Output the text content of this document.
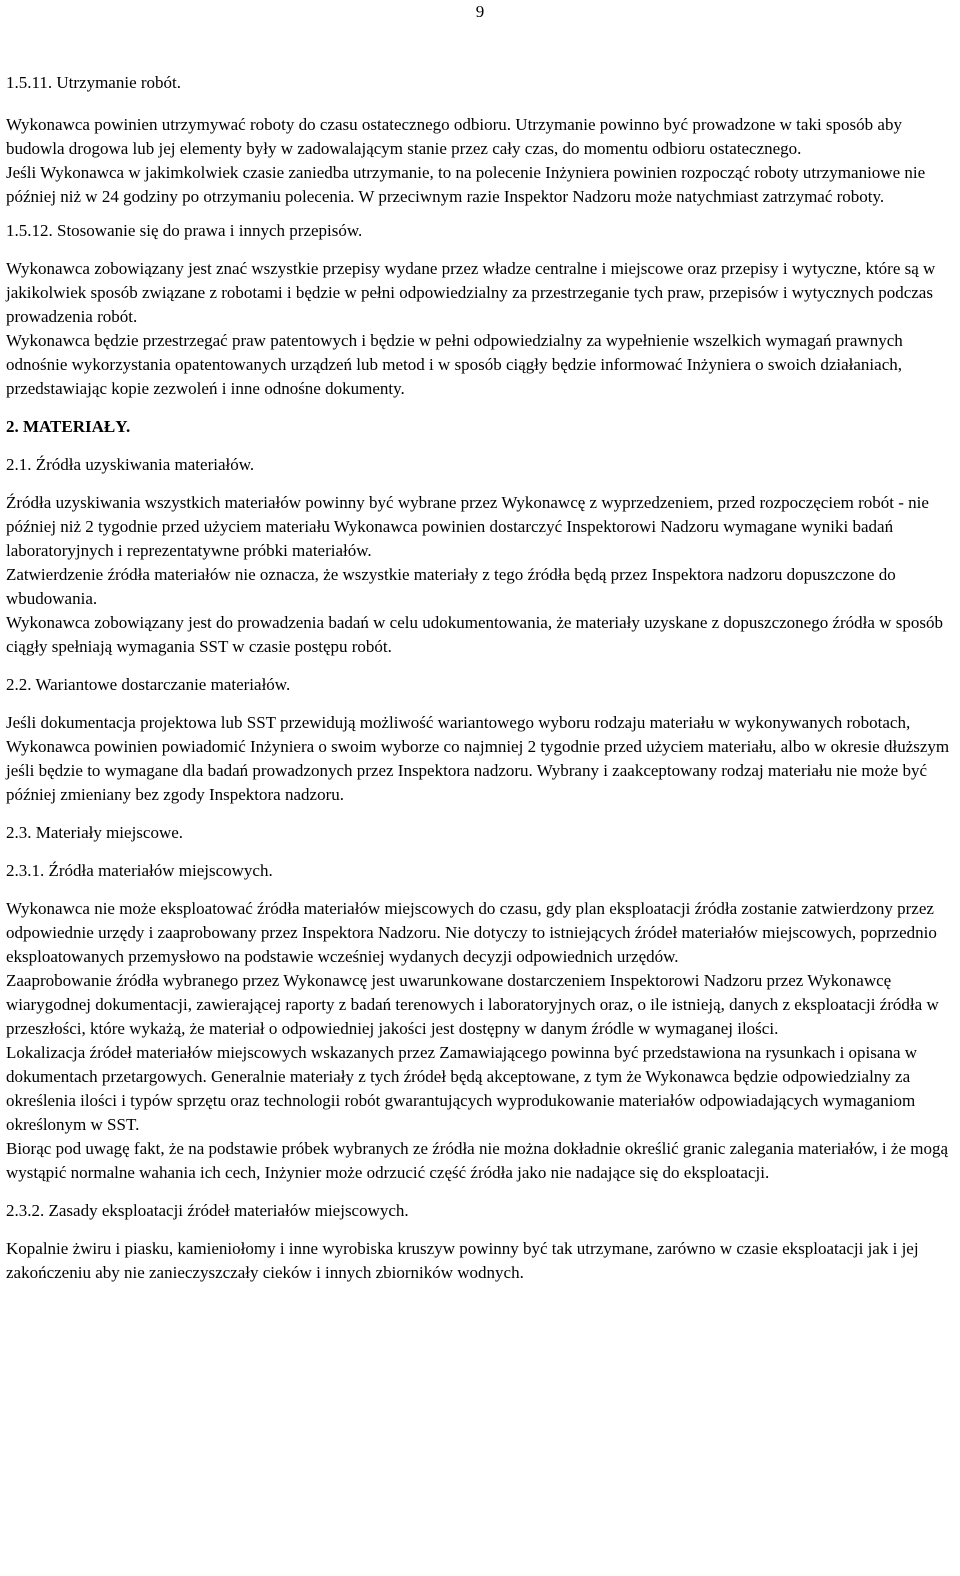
9

1.5.11. Utrzymanie robót.

Wykonawca powinien utrzymywać roboty do czasu ostatecznego odbioru. Utrzymanie powinno być prowadzone w taki sposób aby budowla drogowa lub jej elementy były w zadowalającym stanie przez cały czas, do momentu odbioru ostatecznego.

Jeśli Wykonawca w jakimkolwiek czasie zaniedba utrzymanie, to na polecenie Inżyniera powinien rozpocząć roboty utrzymaniowe nie później niż w 24 godziny po otrzymaniu polecenia. W przeciwnym razie Inspektor Nadzoru może natychmiast zatrzymać roboty.

1.5.12. Stosowanie się do prawa i innych przepisów.

Wykonawca zobowiązany jest znać wszystkie przepisy wydane przez władze centralne i miejscowe oraz przepisy i wytyczne, które są w jakikolwiek sposób związane z robotami i będzie w pełni odpowiedzialny za przestrzeganie tych praw, przepisów i wytycznych podczas prowadzenia robót.

Wykonawca będzie przestrzegać praw patentowych i będzie w pełni odpowiedzialny za wypełnienie wszelkich wymagań prawnych odnośnie wykorzystania opatentowanych urządzeń lub metod i w sposób ciągły będzie informować Inżyniera o swoich działaniach, przedstawiając kopie zezwoleń i inne odnośne dokumenty.

2. MATERIAŁY.

2.1. Źródła uzyskiwania materiałów.

Źródła uzyskiwania wszystkich materiałów powinny być wybrane przez Wykonawcę z wyprzedzeniem, przed rozpoczęciem robót - nie później niż 2 tygodnie przed użyciem materiału Wykonawca powinien dostarczyć Inspektorowi Nadzoru wymagane wyniki badań laboratoryjnych i reprezentatywne próbki materiałów.

Zatwierdzenie źródła materiałów nie oznacza, że wszystkie materiały z tego źródła będą przez Inspektora nadzoru dopuszczone do wbudowania.

Wykonawca zobowiązany jest do prowadzenia badań w celu udokumentowania, że materiały uzyskane z dopuszczonego źródła w sposób ciągły spełniają wymagania SST w czasie postępu robót.

2.2. Wariantowe dostarczanie materiałów.

Jeśli dokumentacja projektowa lub SST przewidują możliwość wariantowego wyboru rodzaju materiału w wykonywanych robotach, Wykonawca powinien powiadomić Inżyniera o swoim wyborze co najmniej 2 tygodnie przed użyciem materiału, albo w okresie dłuższym jeśli będzie to wymagane dla badań prowadzonych przez Inspektora nadzoru. Wybrany i zaakceptowany rodzaj materiału nie może być później zmieniany bez zgody Inspektora nadzoru.

2.3. Materiały miejscowe.

2.3.1. Źródła materiałów miejscowych.

Wykonawca nie może eksploatować źródła materiałów miejscowych do czasu, gdy plan eksploatacji źródła zostanie zatwierdzony przez odpowiednie urzędy i zaaprobowany przez Inspektora Nadzoru. Nie dotyczy to istniejących źródeł materiałów miejscowych, poprzednio eksploatowanych przemysłowo na podstawie wcześniej wydanych decyzji odpowiednich urzędów.

Zaaprobowanie źródła wybranego przez Wykonawcę jest uwarunkowane dostarczeniem Inspektorowi Nadzoru przez Wykonawcę wiarygodnej dokumentacji, zawierającej raporty z badań terenowych i laboratoryjnych oraz, o ile istnieją, danych z eksploatacji źródła w przeszłości, które wykażą, że materiał o odpowiedniej jakości jest dostępny w danym źródle w wymaganej ilości.

Lokalizacja źródeł materiałów miejscowych wskazanych przez Zamawiającego powinna być przedstawiona na rysunkach i opisana w dokumentach przetargowych. Generalnie materiały z tych źródeł będą akceptowane, z tym że Wykonawca będzie odpowiedzialny za określenia ilości i typów sprzętu oraz technologii robót gwarantujących wyprodukowanie materiałów odpowiadających wymaganiom określonym w SST.

Biorąc pod uwagę fakt, że na podstawie próbek wybranych ze źródła nie można dokładnie określić granic zalegania materiałów, i że mogą wystąpić normalne wahania ich cech, Inżynier może odrzucić część źródła jako nie nadające się do eksploatacji.

2.3.2. Zasady eksploatacji źródeł materiałów miejscowych.

Kopalnie żwiru i piasku, kamieniołomy i inne wyrobiska kruszyw powinny być tak utrzymane, zarówno w czasie eksploatacji jak i jej zakończeniu aby nie zanieczyszczały cieków i innych zbiorników wodnych.
